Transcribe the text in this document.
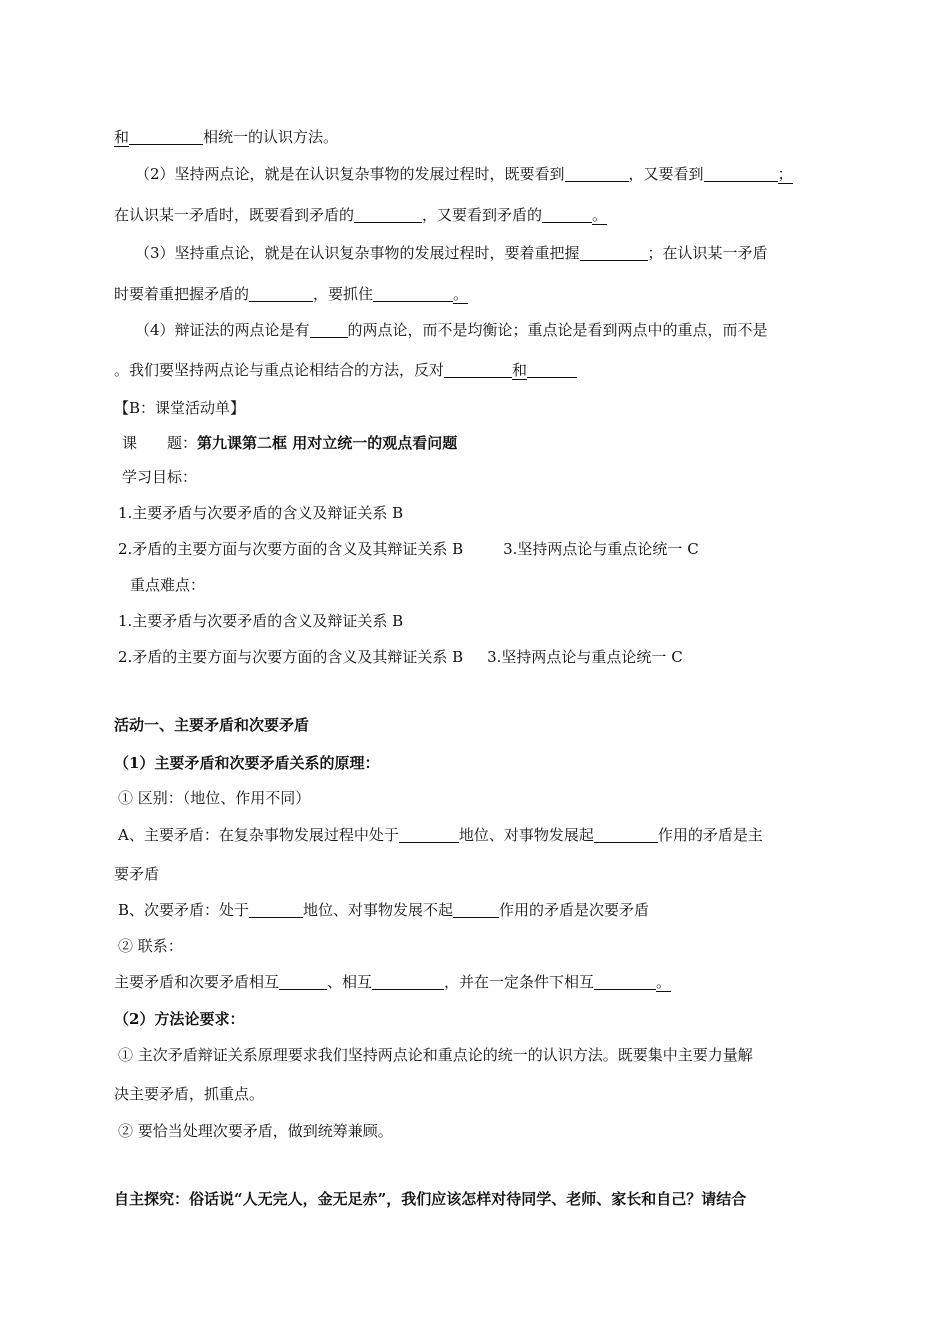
和	相统一的认识方法。
（2）坚持两点论，就是在认识复杂事物的发展过程时，既要看到	，又要看到	；
在认识某一矛盾时，既要看到矛盾的	，又要看到矛盾的	。
（3）坚持重点论，就是在认识复杂事物的发展过程时，要着重把握	；在认识某一矛盾
时要着重把握矛盾的	，要抓住	。
（4）辩证法的两点论是有	的两点论，而不是均衡论；重点论是看到两点中的重点，而不是
。我们要坚持两点论与重点论相结合的方法，反对	和
【B：课堂活动单】
课 题：第九课第二框 用对立统一的观点看问题
学习目标：
1.主要矛盾与次要矛盾的含义及辩证关系 B
2.矛盾的主要方面与次要方面的含义及其辩证关系 B	3.坚持两点论与重点论统一 C
重点难点：
1.主要矛盾与次要矛盾的含义及辩证关系 B
2.矛盾的主要方面与次要方面的含义及其辩证关系 B 3.坚持两点论与重点论统一 C
活动一、主要矛盾和次要矛盾
（1）主要矛盾和次要矛盾关系的原理：
① 区别：（地位、作用不同）
A、主要矛盾：在复杂事物发展过程中处于	地位、对事物发展起	作用的矛盾是主
要矛盾
B、次要矛盾：处于	地位、对事物发展不起	作用的矛盾是次要矛盾
② 联系：
主要矛盾和次要矛盾相互	、相互	，并在一定条件下相互	。
（2）方法论要求：
① 主次矛盾辩证关系原理要求我们坚持两点论和重点论的统一的认识方法。既要集中主要力量解
决主要矛盾，抓重点。
② 要恰当处理次要矛盾，做到统筹兼顾。
自主探究：俗话说“人无完人，金无足赤”，我们应该怎样对待同学、老师、家长和自己？请结合
